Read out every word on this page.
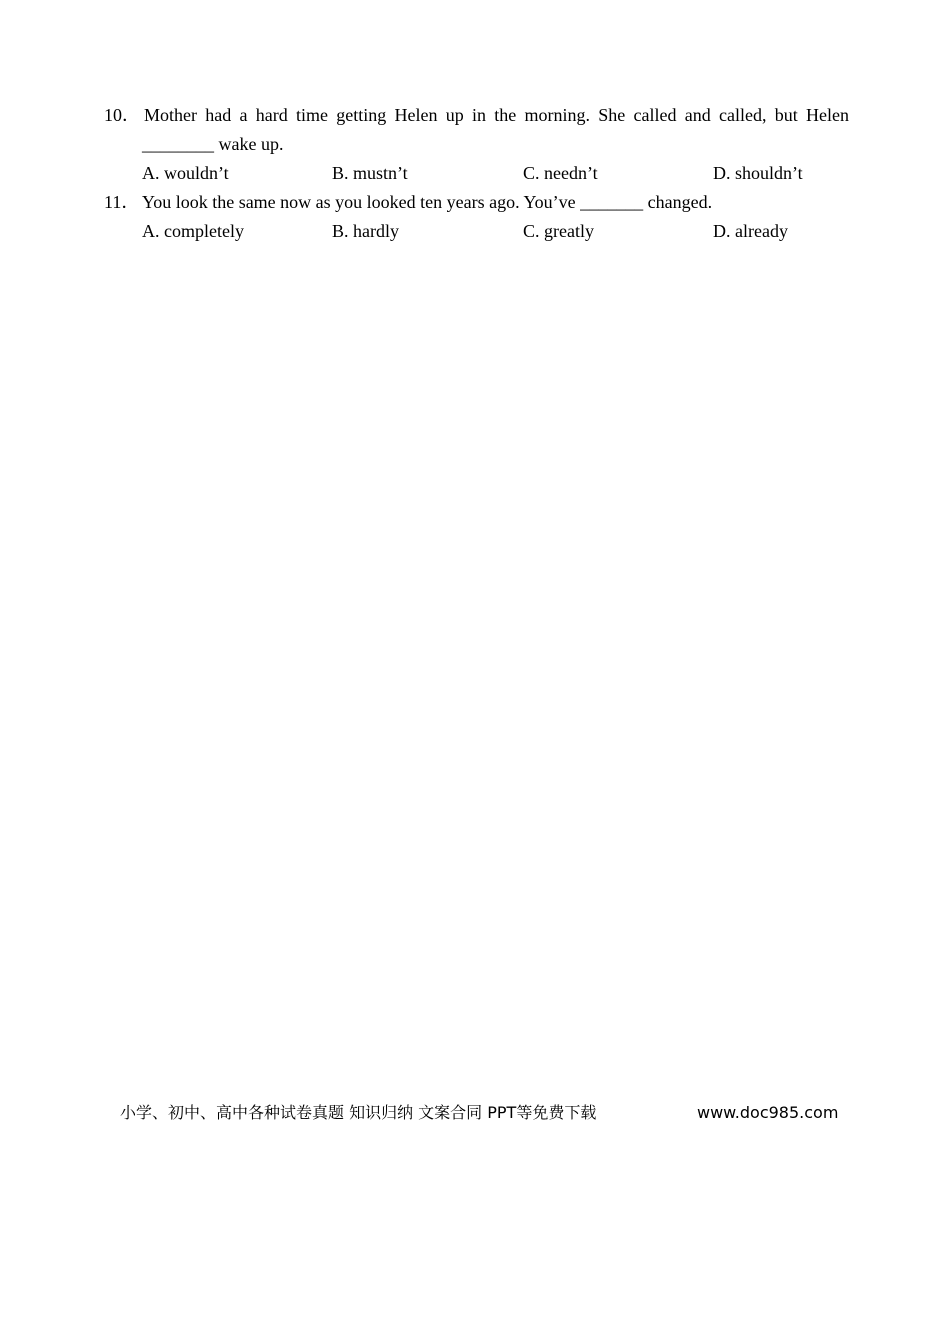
10． Mother had a hard time getting Helen up in the morning. She called and called, but Helen
________ wake up.
A. wouldn’t	B. mustn’t	C. needn’t	D. shouldn’t
11． You look the same now as you looked ten years ago. You’ve _______ changed.
A. completely	B. hardly	C. greatly	D. already
小学、初中、高中各种试卷真题 知识归纳 文案合同 PPT等免费下载	www.doc985.com
